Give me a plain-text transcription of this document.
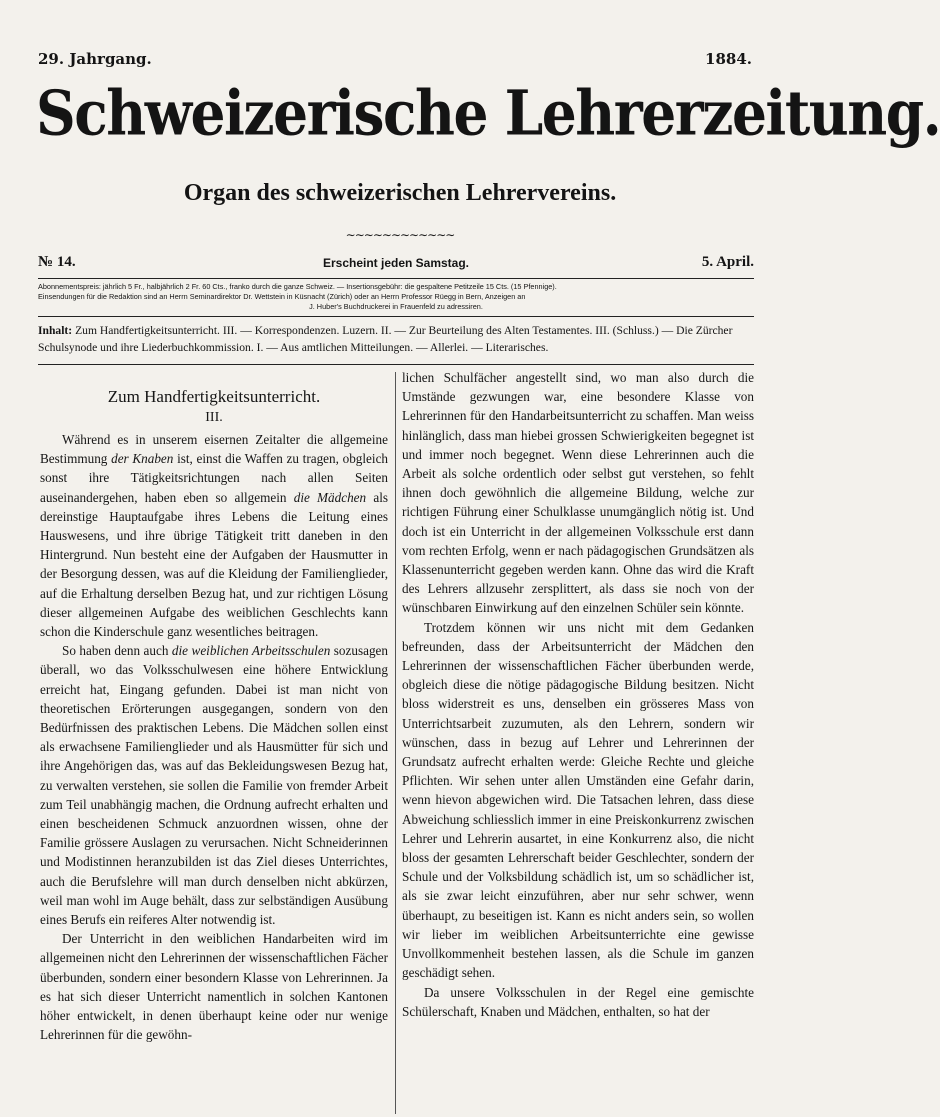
29. Jahrgang.	1884.
Schweizerische Lehrerzeitung.
Organ des schweizerischen Lehrervereins.
∼∼∼∼∼∼∼∼∼∼∼∼
№ 14.	Erscheint jeden Samstag.	5. April.
Abonnementspreis: jährlich 5 Fr., halbjährlich 2 Fr. 60 Cts., franko durch die ganze Schweiz. — Insertionsgebühr: die gespaltene Petitzeile 15 Cts. (15 Pfennige).
Einsendungen für die Redaktion sind an Herrn Seminardirektor Dr. Wettstein in Küsnacht (Zürich) oder an Herrn Professor Rüegg in Bern, Anzeigen an
J. Huber's Buchdruckerei in Frauenfeld zu adressiren.
Inhalt: Zum Handfertigkeitsunterricht. III. — Korrespondenzen. Luzern. II. — Zur Beurteilung des Alten Testamentes. III. (Schluss.) — Die Zürcher Schulsynode und ihre Liederbuchkommission. I. — Aus amtlichen Mitteilungen. — Allerlei. — Literarisches.
Zum Handfertigkeitsunterricht.
III.

Während es in unserem eisernen Zeitalter die allgemeine Bestimmung der Knaben ist, einst die Waffen zu tragen, obgleich sonst ihre Tätigkeitsrichtungen nach allen Seiten auseinandergehen, haben eben so allgemein die Mädchen als dereinstige Hauptaufgabe ihres Lebens die Leitung eines Hauswesens, und ihre übrige Tätigkeit tritt daneben in den Hintergrund. Nun besteht eine der Aufgaben der Hausmutter in der Besorgung dessen, was auf die Kleidung der Familienglieder, auf die Erhaltung derselben Bezug hat, und zur richtigen Lösung dieser allgemeinen Aufgabe des weiblichen Geschlechts kann schon die Kinderschule ganz wesentliches beitragen.

So haben denn auch die weiblichen Arbeitsschulen sozusagen überall, wo das Volksschulwesen eine höhere Entwicklung erreicht hat, Eingang gefunden. Dabei ist man nicht von theoretischen Erörterungen ausgegangen, sondern von den Bedürfnissen des praktischen Lebens. Die Mädchen sollen einst als erwachsene Familienglieder und als Hausmütter für sich und ihre Angehörigen das, was auf das Bekleidungswesen Bezug hat, zu verwalten verstehen, sie sollen die Familie von fremder Arbeit zum Teil unabhängig machen, die Ordnung aufrecht erhalten und einen bescheidenen Schmuck anzuordnen wissen, ohne der Familie grössere Auslagen zu verursachen. Nicht Schneiderinnen und Modistinnen heranzubilden ist das Ziel dieses Unterrichtes, auch die Berufslehre will man durch denselben nicht abkürzen, weil man wohl im Auge behält, dass zur selbständigen Ausübung eines Berufs ein reiferes Alter notwendig ist.

Der Unterricht in den weiblichen Handarbeiten wird im allgemeinen nicht den Lehrerinnen der wissenschaftlichen Fächer überbunden, sondern einer besondern Klasse von Lehrerinnen. Ja es hat sich dieser Unterricht namentlich in solchen Kantonen höher entwickelt, in denen überhaupt keine oder nur wenige Lehrerinnen für die gewöhn-

lichen Schulfächer angestellt sind, wo man also durch die Umstände gezwungen war, eine besondere Klasse von Lehrerinnen für den Handarbeitsunterricht zu schaffen. Man weiss hinlänglich, dass man hiebei grossen Schwierigkeiten begegnet ist und immer noch begegnet. Wenn diese Lehrerinnen auch die Arbeit als solche ordentlich oder selbst gut verstehen, so fehlt ihnen doch gewöhnlich die allgemeine Bildung, welche zur richtigen Führung einer Schulklasse unumgänglich nötig ist. Und doch ist ein Unterricht in der allgemeinen Volksschule erst dann vom rechten Erfolg, wenn er nach pädagogischen Grundsätzen als Klassenunterricht gegeben werden kann. Ohne das wird die Kraft des Lehrers allzusehr zersplittert, als dass sie noch von der wünschbaren Einwirkung auf den einzelnen Schüler sein könnte.

Trotzdem können wir uns nicht mit dem Gedanken befreunden, dass der Arbeitsunterricht der Mädchen den Lehrerinnen der wissenschaftlichen Fächer überbunden werde, obgleich diese die nötige pädagogische Bildung besitzen. Nicht bloss widerstreit es uns, denselben ein grösseres Mass von Unterrichtsarbeit zuzumuten, als den Lehrern, sondern wir wünschen, dass in bezug auf Lehrer und Lehrerinnen der Grundsatz aufrecht erhalten werde: Gleiche Rechte und gleiche Pflichten. Wir sehen unter allen Umständen eine Gefahr darin, wenn hievon abgewichen wird. Die Tatsachen lehren, dass diese Abweichung schliesslich immer in eine Preiskonkurrenz zwischen Lehrer und Lehrerin ausartet, in eine Konkurrenz also, die nicht bloss der gesamten Lehrerschaft beider Geschlechter, sondern der Schule und der Volksbildung schädlich ist, um so schädlicher ist, als sie zwar leicht einzuführen, aber nur sehr schwer, wenn überhaupt, zu beseitigen ist. Kann es nicht anders sein, so wollen wir lieber im weiblichen Arbeitsunterrichte eine gewisse Unvollkommenheit bestehen lassen, als die Schule im ganzen geschädigt sehen.

Da unsere Volksschulen in der Regel eine gemischte Schülerschaft, Knaben und Mädchen, enthalten, so hat der
